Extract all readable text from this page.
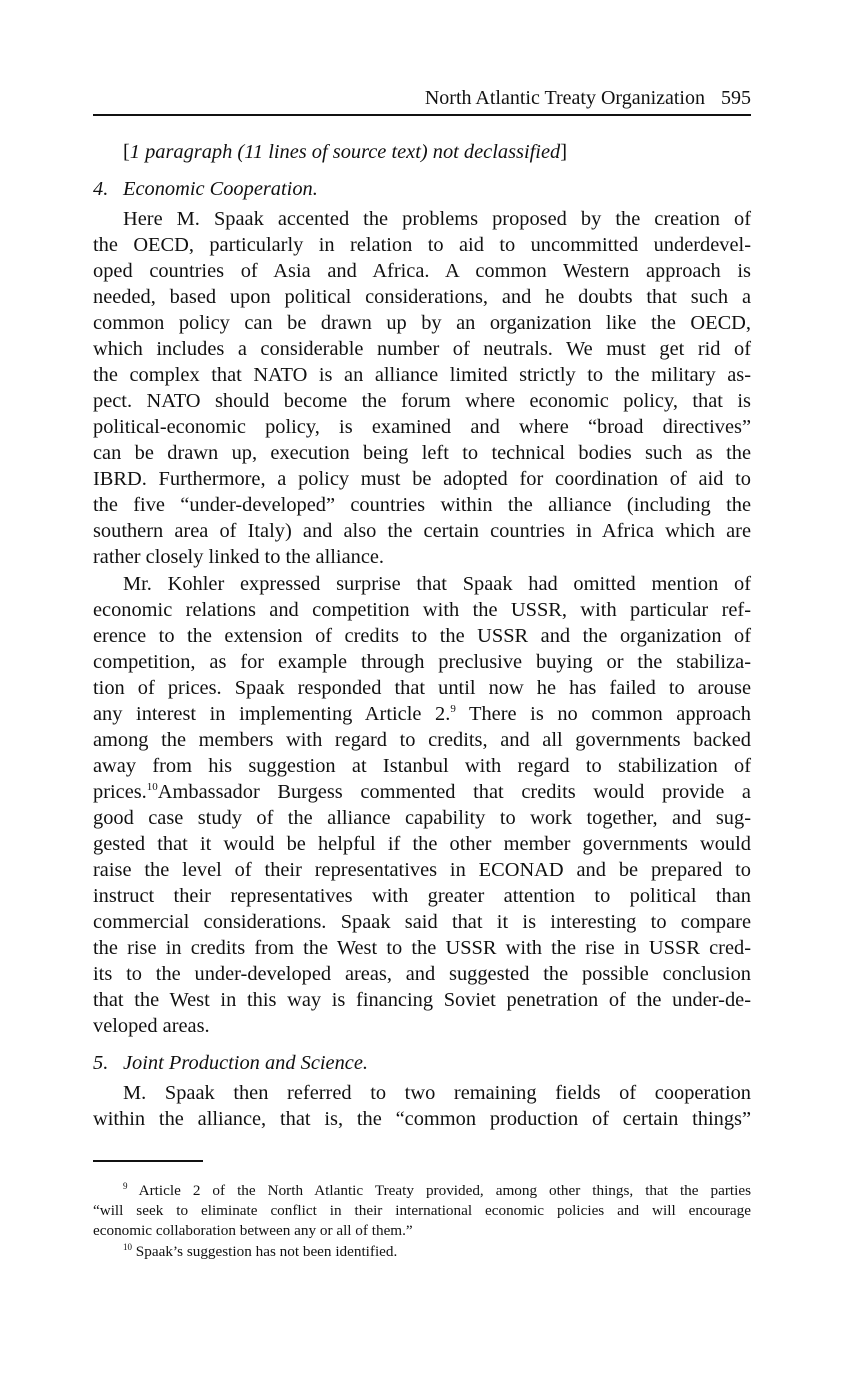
North Atlantic Treaty Organization 595
[1 paragraph (11 lines of source text) not declassified]
4. Economic Cooperation.
Here M. Spaak accented the problems proposed by the creation of
the OECD, particularly in relation to aid to uncommitted underdevel-
oped countries of Asia and Africa. A common Western approach is
needed, based upon political considerations, and he doubts that such a
common policy can be drawn up by an organization like the OECD,
which includes a considerable number of neutrals. We must get rid of
the complex that NATO is an alliance limited strictly to the military as-
pect. NATO should become the forum where economic policy, that is
political-economic policy, is examined and where “broad directives”
can be drawn up, execution being left to technical bodies such as the
IBRD. Furthermore, a policy must be adopted for coordination of aid to
the five “under-developed” countries within the alliance (including the
southern area of Italy) and also the certain countries in Africa which are
rather closely linked to the alliance.
Mr. Kohler expressed surprise that Spaak had omitted mention of
economic relations and competition with the USSR, with particular ref-
erence to the extension of credits to the USSR and the organization of
competition, as for example through preclusive buying or the stabiliza-
tion of prices. Spaak responded that until now he has failed to arouse
any interest in implementing Article 2.$^9$ There is no common approach
among the members with regard to credits, and all governments backed
away from his suggestion at Istanbul with regard to stabilization of
prices.$^{10}$Ambassador Burgess commented that credits would provide a
good case study of the alliance capability to work together, and sug-
gested that it would be helpful if the other member governments would
raise the level of their representatives in ECONAD and be prepared to
instruct their representatives with greater attention to political than
commercial considerations. Spaak said that it is interesting to compare
the rise in credits from the West to the USSR with the rise in USSR cred-
its to the under-developed areas, and suggested the possible conclusion
that the West in this way is financing Soviet penetration of the under-de-
veloped areas.
5. Joint Production and Science.
M. Spaak then referred to two remaining fields of cooperation
within the alliance, that is, the “common production of certain things”
$^9$ Article 2 of the North Atlantic Treaty provided, among other things, that the parties
“will seek to eliminate conflict in their international economic policies and will encourage
economic collaboration between any or all of them.”
$^{10}$ Spaak’s suggestion has not been identified.
